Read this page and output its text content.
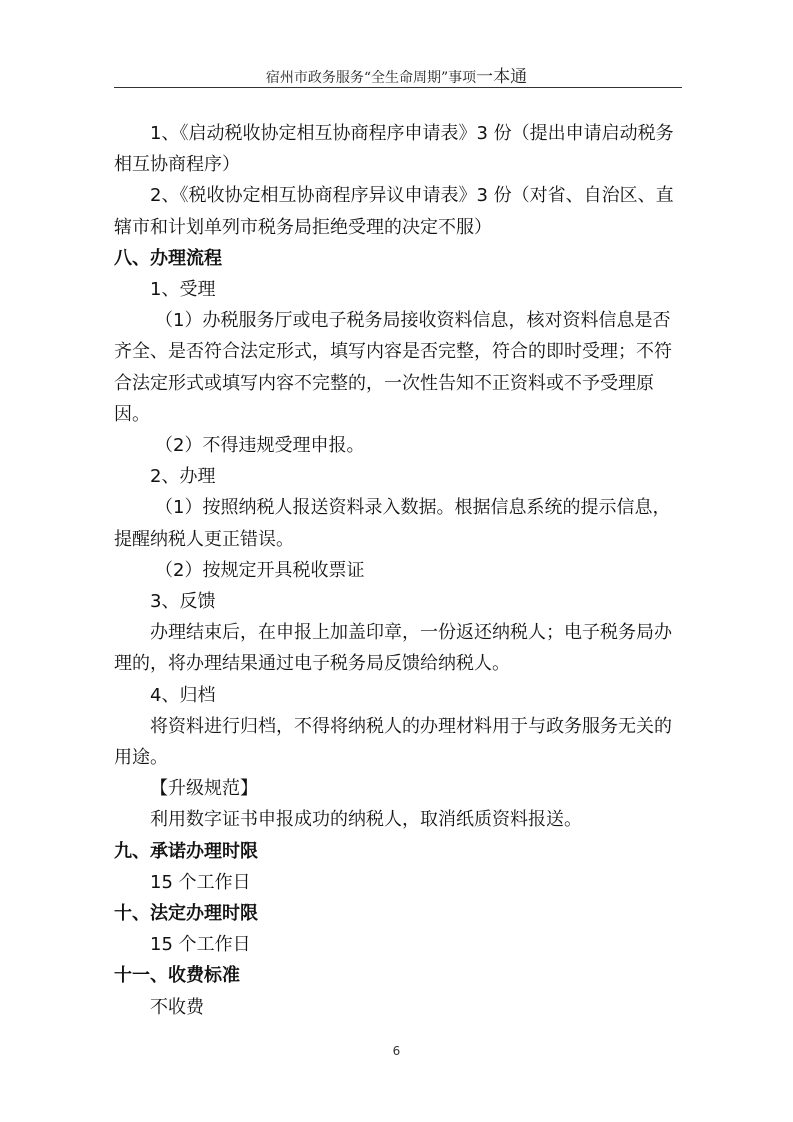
宿州市政务服务“全生命周期”事项一本通

1、《启动税收协定相互协商程序申请表》3 份（提出申请启动税务相互协商程序）

2、《税收协定相互协商程序异议申请表》3 份（对省、自治区、直辖市和计划单列市税务局拒绝受理的决定不服）

八、办理流程

1、受理

（1）办税服务厅或电子税务局接收资料信息，核对资料信息是否齐全、是否符合法定形式，填写内容是否完整，符合的即时受理；不符合法定形式或填写内容不完整的，一次性告知不正资料或不予受理原因。

（2）不得违规受理申报。

2、办理

（1）按照纳税人报送资料录入数据。根据信息系统的提示信息，提醒纳税人更正错误。

（2）按规定开具税收票证

3、反馈

办理结束后，在申报上加盖印章，一份返还纳税人；电子税务局办理的，将办理结果通过电子税务局反馈给纳税人。

4、归档

将资料进行归档，不得将纳税人的办理材料用于与政务服务无关的用途。

【升级规范】

利用数字证书申报成功的纳税人，取消纸质资料报送。

九、承诺办理时限

15 个工作日

十、法定办理时限

15 个工作日

十一、收费标准

不收费

6
